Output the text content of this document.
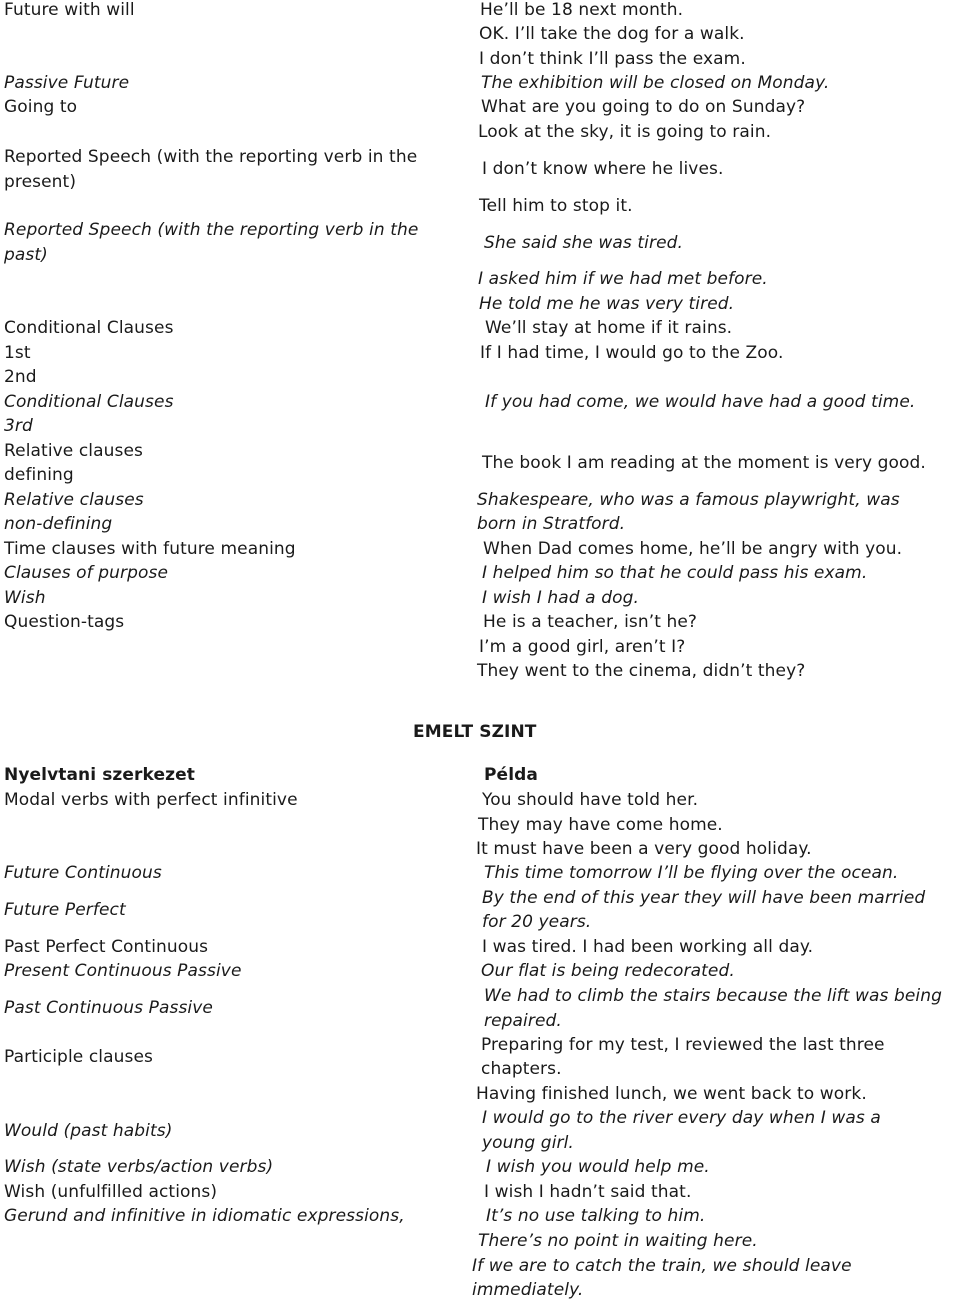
Future with will
Passive Future
Going to
Reported Speech (with the reporting verb in the
present)
Reported Speech (with the reporting verb in the
past)
Conditional Clauses
1st
2nd
Conditional Clauses
3rd
Relative clauses
defining
Relative clauses
non-defining
Time clauses with future meaning
Clauses of purpose
Wish
Question-tags
He’ll be 18 next month.
OK. I’ll take the dog for a walk.
I don’t think I’ll pass the exam.
The exhibition will be closed on Monday.
What are you going to do on Sunday?
Look at the sky, it is going to rain.
I don’t know where he lives.
Tell him to stop it.
She said she was tired.
I asked him if we had met before.
He told me he was very tired.
We’ll stay at home if it rains.
If I had time, I would go to the Zoo.
If you had come, we would have had a good time.
The book I am reading at the moment is very good.
Shakespeare, who was a famous playwright, was
born in Stratford.
When Dad comes home, he’ll be angry with you.
I helped him so that he could pass his exam.
I wish I had a dog.
He is a teacher, isn’t he?
I’m a good girl, aren’t I?
They went to the cinema, didn’t they?
EMELT SZINT
Nyelvtani szerkezet	Példa
Modal verbs with perfect infinitive
Future Continuous
Future Perfect
Past Perfect Continuous
Present Continuous Passive
Past Continuous Passive
Participle clauses
Would (past habits)
Wish (state verbs/action verbs)
Wish (unfulfilled actions)
Gerund and infinitive in idiomatic expressions,
You should have told her.
They may have come home.
It must have been a very good holiday.
This time tomorrow I’ll be flying over the ocean.
By the end of this year they will have been married
for 20 years.
I was tired. I had been working all day.
Our flat is being redecorated.
We had to climb the stairs because the lift was being
repaired.
Preparing for my test, I reviewed the last three
chapters.
Having finished lunch, we went back to work.
I would go to the river every day when I was a
young girl.
I wish you would help me.
I wish I hadn’t said that.
It’s no use talking to him.
There’s no point in waiting here.
If we are to catch the train, we should leave
immediately.
